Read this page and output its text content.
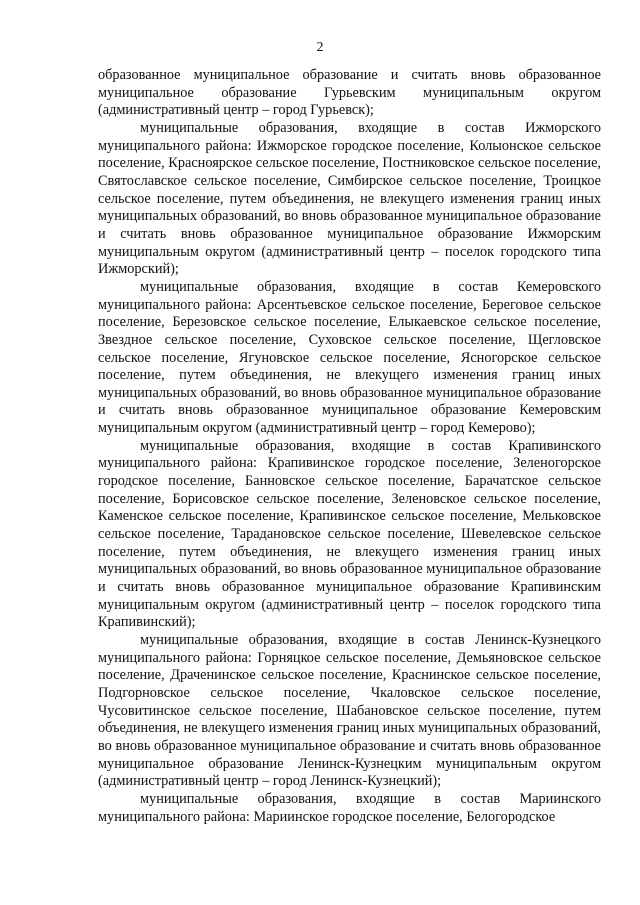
2

образованное муниципальное образование и считать вновь образованное муниципальное образование Гурьевским муниципальным округом (административный центр – город Гурьевск);

муниципальные образования, входящие в состав Ижморского муниципального района: Ижморское городское поселение, Колыонское сельское поселение, Красноярское сельское поселение, Постниковское сельское поселение, Святославское сельское поселение, Симбирское сельское поселение, Троицкое сельское поселение, путем объединения, не влекущего изменения границ иных муниципальных образований, во вновь образованное муниципальное образование и считать вновь образованное муниципальное образование Ижморским муниципальным округом (административный центр – поселок городского типа Ижморский);

муниципальные образования, входящие в состав Кемеровского муниципального района: Арсентьевское сельское поселение, Береговое сельское поселение, Березовское сельское поселение, Елыкаевское сельское поселение, Звездное сельское поселение, Суховское сельское поселение, Щегловское сельское поселение, Ягуновское сельское поселение, Ясногорское сельское поселение, путем объединения, не влекущего изменения границ иных муниципальных образований, во вновь образованное муниципальное образование и считать вновь образованное муниципальное образование Кемеровским муниципальным округом (административный центр – город Кемерово);

муниципальные образования, входящие в состав Крапивинского муниципального района: Крапивинское городское поселение, Зеленогорское городское поселение, Банновское сельское поселение, Барачатское сельское поселение, Борисовское сельское поселение, Зеленовское сельское поселение, Каменское сельское поселение, Крапивинское сельское поселение, Мельковское сельское поселение, Тарадановское сельское поселение, Шевелевское сельское поселение, путем объединения, не влекущего изменения границ иных муниципальных образований, во вновь образованное муниципальное образование и считать вновь образованное муниципальное образование Крапивинским муниципальным округом (административный центр – поселок городского типа Крапивинский);

муниципальные образования, входящие в состав Ленинск-Кузнецкого муниципального района: Горняцкое сельское поселение, Демьяновское сельское поселение, Драченинское сельское поселение, Краснинское сельское поселение, Подгорновское сельское поселение, Чкаловское сельское поселение, Чусовитинское сельское поселение, Шабановское сельское поселение, путем объединения, не влекущего изменения границ иных муниципальных образований, во вновь образованное муниципальное образование и считать вновь образованное муниципальное образование Ленинск-Кузнецким муниципальным округом (административный центр – город Ленинск-Кузнецкий);

муниципальные образования, входящие в состав Мариинского муниципального района: Мариинское городское поселение, Белогородское
